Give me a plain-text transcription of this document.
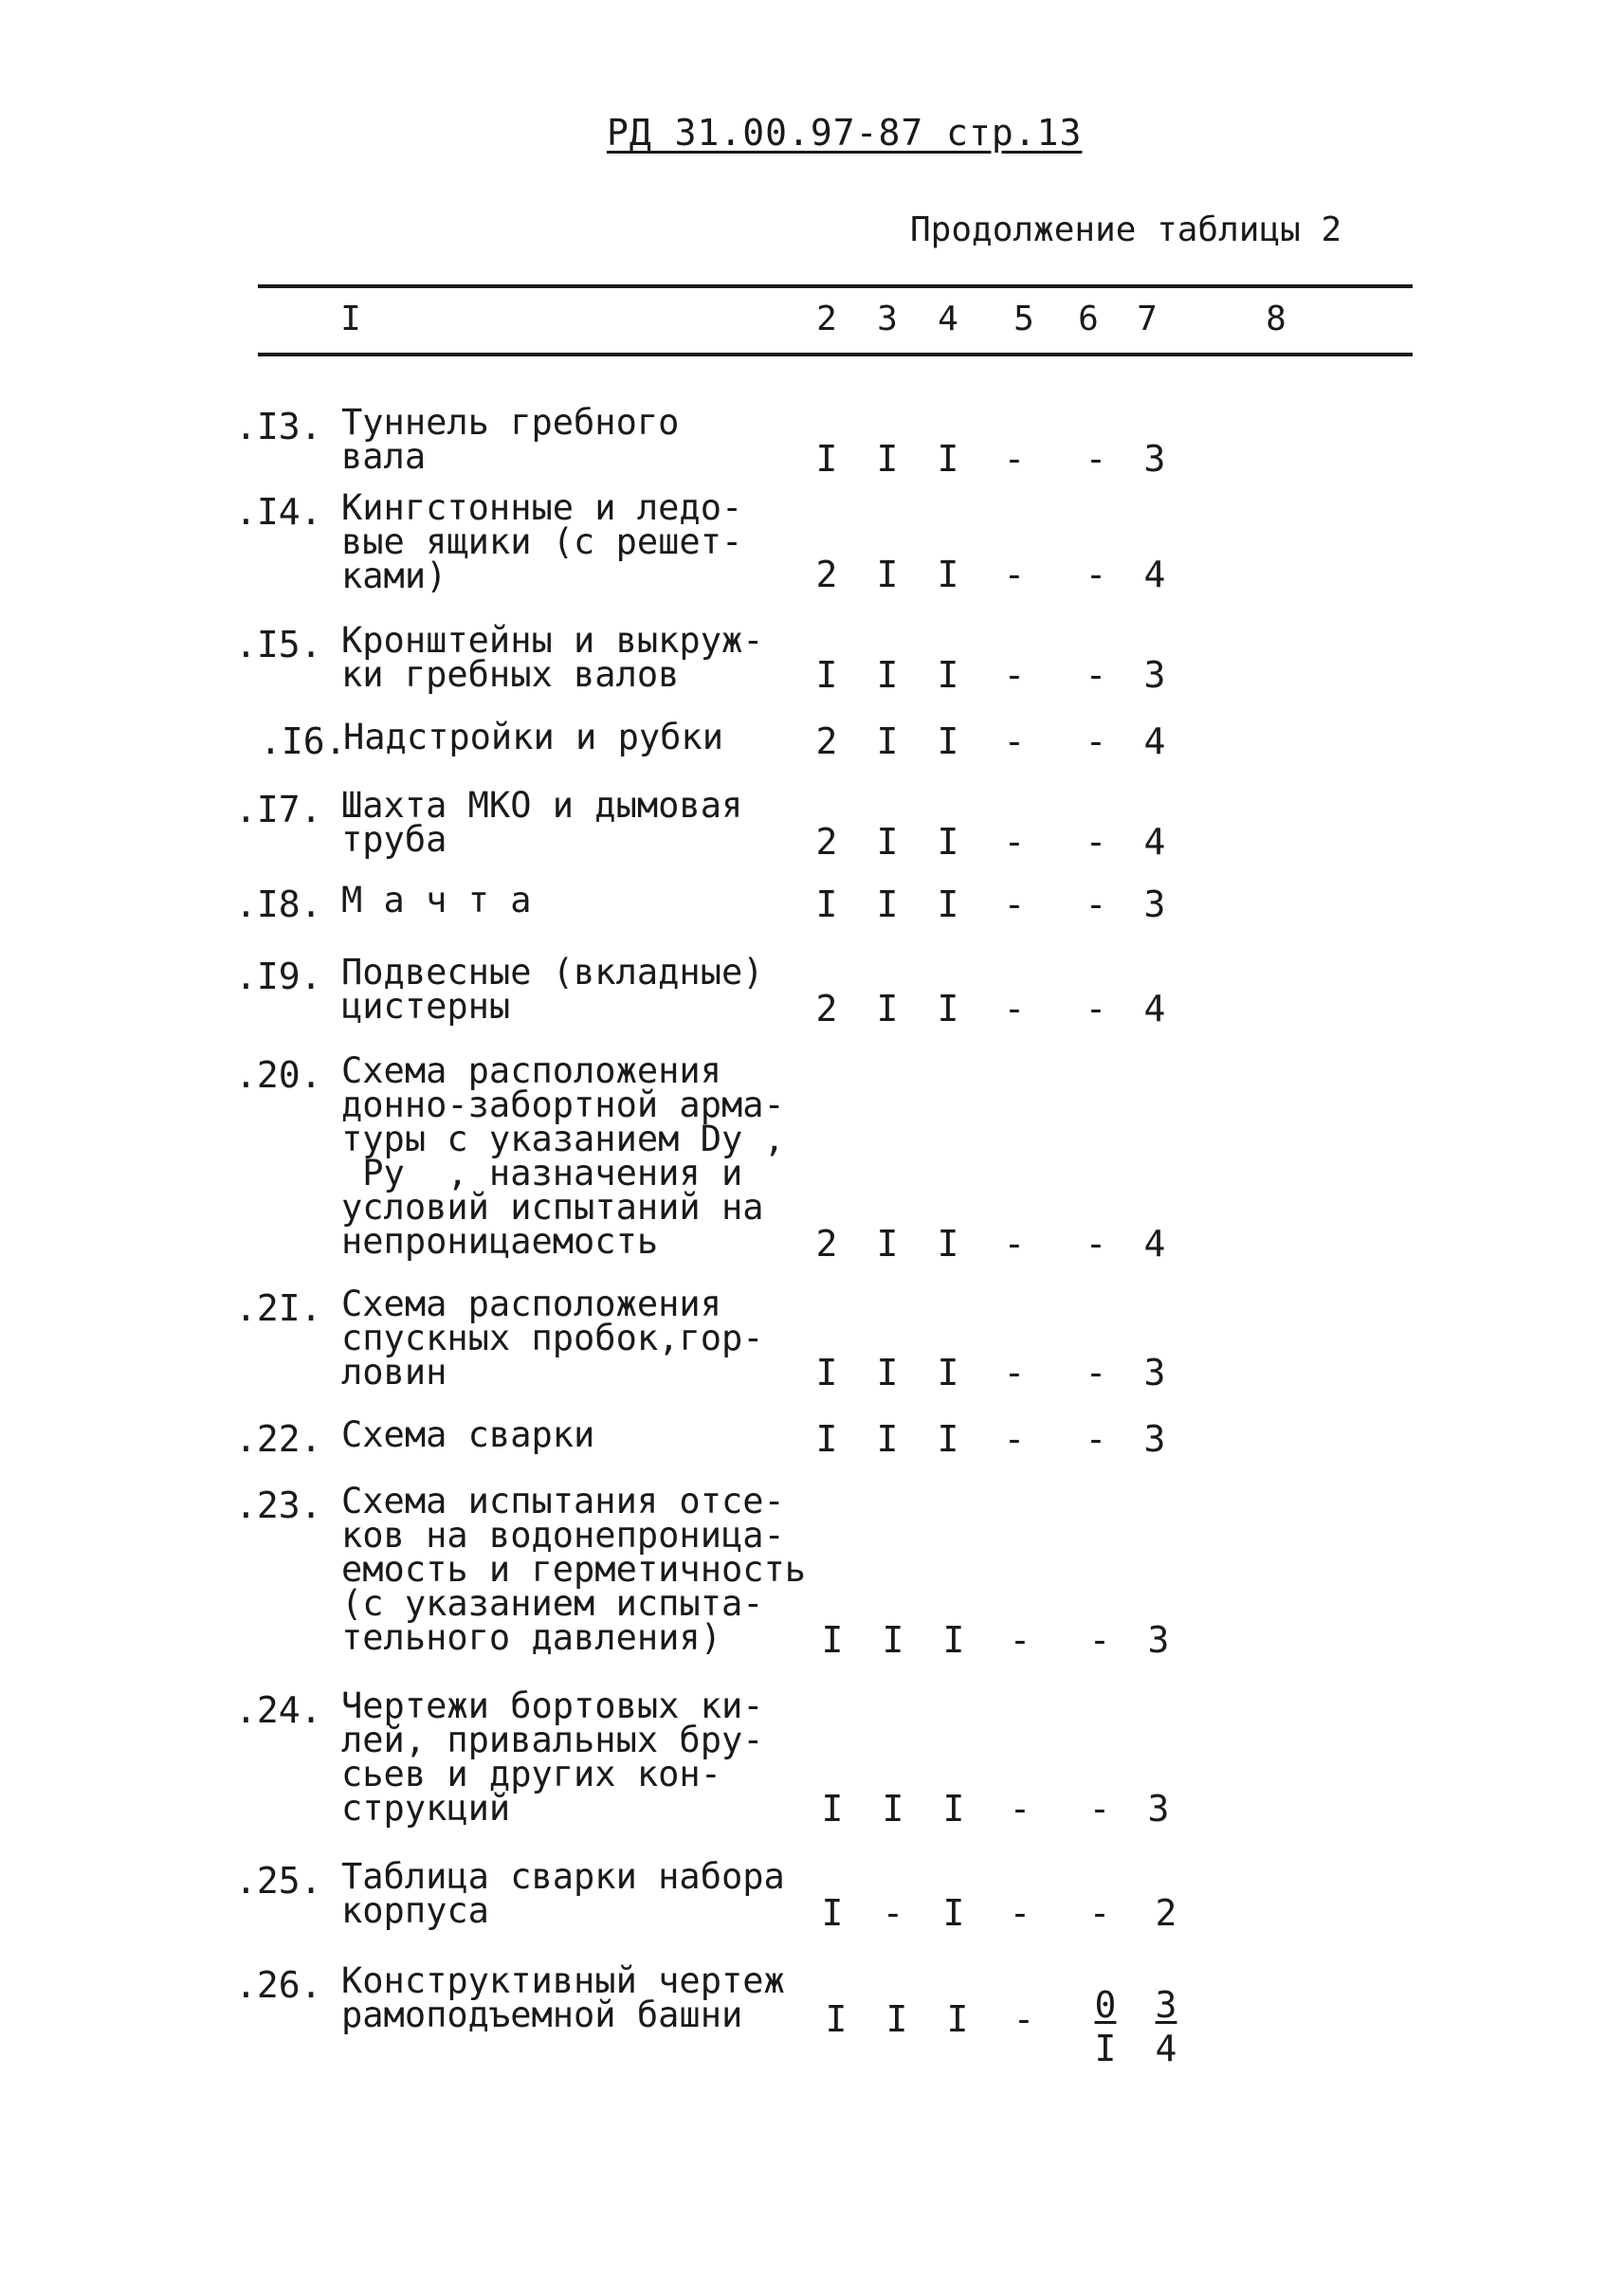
РД 31.00.97-87 стр.13
Продолжение таблицы 2
I	2 3 4 5 6 7	8
.I3. Туннель гребного
вала	I I I - - 3
.I4. Кингстонные и ледо-
вые ящики (с решет-
ками)	2 I I - - 4
.I5. Кронштейны и выкруж-
ки гребных валов	I I I - - 3
.I6.
Надстройки и рубки	2 I I - - 4
.I7. Шахта МКО и дымовая
труба	2 I I - - 4
.I8. М а ч т а	I I I - - 3
.I9. Подвесные (вкладные)
цистерны	2 I I - - 4
.20. Схема расположения
донно-забортной арма-
туры с указанием Dу ,
Pу  , назначения и
условий испытаний на
непроницаемость	2 I I - - 4
.2I. Схема расположения
спускных пробок,гор-
ловин	I I I - - 3
.22. Схема сварки	I I I - - 3
.23. Схема испытания отсе-
ков на водонепроница-
емость и герметичность
(с указанием испыта-
тельного давления)	I I I - - 3
.24. Чертежи бортовых ки-
лей, привальных бру-
сьев и других кон-
струкций	I I I - - 3
.25. Таблица сварки набора
корпуса	I - I - - 2
.26. Конструктивный чертеж
рамоподъемной башни	I I I - $\frac{0}{I} \frac{3}{4}$
